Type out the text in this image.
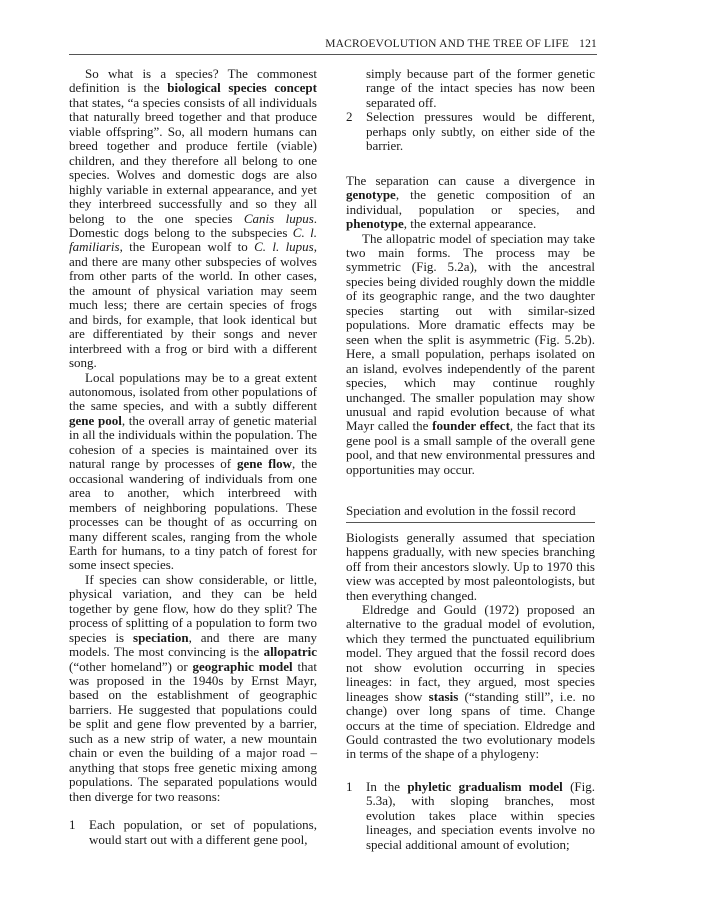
MACROEVOLUTION AND THE TREE OF LIFE 121

So what is a species? The commonest definition is the biological species concept that states, “a species consists of all individuals that naturally breed together and that produce viable offspring”. So, all modern humans can breed together and produce fertile (viable) children, and they therefore all belong to one species. Wolves and domestic dogs are also highly variable in external appearance, and yet they interbreed successfully and so they all belong to the one species Canis lupus. Domestic dogs belong to the subspecies C. l. familiaris, the European wolf to C. l. lupus, and there are many other subspecies of wolves from other parts of the world. In other cases, the amount of physical variation may seem much less; there are certain species of frogs and birds, for example, that look identical but are differentiated by their songs and never interbreed with a frog or bird with a different song.

Local populations may be to a great extent autonomous, isolated from other populations of the same species, and with a subtly different gene pool, the overall array of genetic material in all the individuals within the population. The cohesion of a species is maintained over its natural range by processes of gene flow, the occasional wandering of individuals from one area to another, which interbreed with members of neighboring populations. These processes can be thought of as occurring on many different scales, ranging from the whole Earth for humans, to a tiny patch of forest for some insect species.

If species can show considerable, or little, physical variation, and they can be held together by gene flow, how do they split? The process of splitting of a population to form two species is speciation, and there are many models. The most convincing is the allopatric (“other homeland”) or geographic model that was proposed in the 1940s by Ernst Mayr, based on the establishment of geographic barriers. He suggested that populations could be split and gene flow prevented by a barrier, such as a new strip of water, a new mountain chain or even the building of a major road – anything that stops free genetic mixing among populations. The separated populations would then diverge for two reasons:

1 Each population, or set of populations, would start out with a different gene pool,

simply because part of the former genetic range of the intact species has now been separated off.

2 Selection pressures would be different, perhaps only subtly, on either side of the barrier.

The separation can cause a divergence in genotype, the genetic composition of an individual, population or species, and phenotype, the external appearance.

The allopatric model of speciation may take two main forms. The process may be symmetric (Fig. 5.2a), with the ancestral species being divided roughly down the middle of its geographic range, and the two daughter species starting out with similar-sized populations. More dramatic effects may be seen when the split is asymmetric (Fig. 5.2b). Here, a small population, perhaps isolated on an island, evolves independently of the parent species, which may continue roughly unchanged. The smaller population may show unusual and rapid evolution because of what Mayr called the founder effect, the fact that its gene pool is a small sample of the overall gene pool, and that new environmental pressures and opportunities may occur.

Speciation and evolution in the fossil record

Biologists generally assumed that speciation happens gradually, with new species branching off from their ancestors slowly. Up to 1970 this view was accepted by most paleontologists, but then everything changed.

Eldredge and Gould (1972) proposed an alternative to the gradual model of evolution, which they termed the punctuated equilibrium model. They argued that the fossil record does not show evolution occurring in species lineages: in fact, they argued, most species lineages show stasis (“standing still”, i.e. no change) over long spans of time. Change occurs at the time of speciation. Eldredge and Gould contrasted the two evolutionary models in terms of the shape of a phylogeny:

1 In the phyletic gradualism model (Fig. 5.3a), with sloping branches, most evolution takes place within species lineages, and speciation events involve no special additional amount of evolution;
